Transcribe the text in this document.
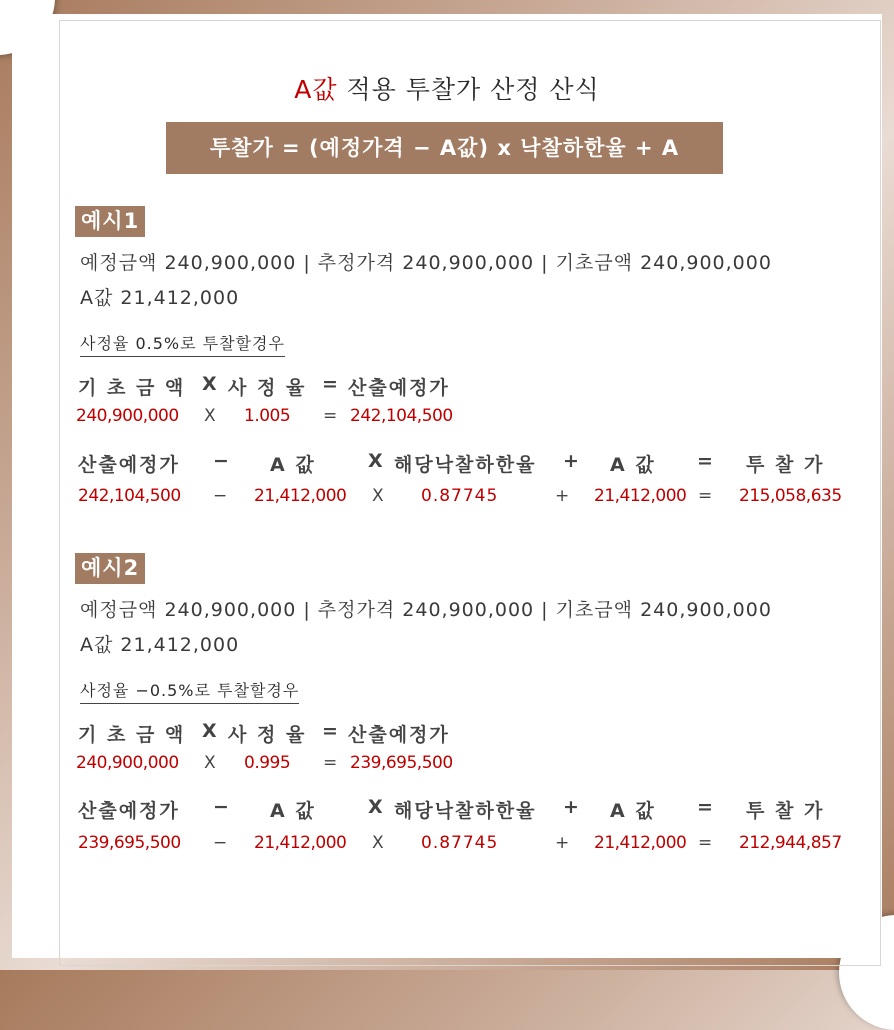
A값 적용 투찰가 산정 산식
투찰가 = (예정가격 − A값) x 낙찰하한율 + A
예시1
예정금액 240,900,000 | 추정가격 240,900,000 | 기초금액 240,900,000
A값 21,412,000
사정율 0.5%로 투찰할경우
기 초 금 액 X 사 정 율 = 산출예정가
240,900,000 X 1.005 = 242,104,500
산출예정가 − A 값	X 해당낙찰하한율 + A 값 = 투 찰 가
242,104,500 − 21,412,000 X 0.87745	+ 21,412,000 = 215,058,635
예시2
예정금액 240,900,000 | 추정가격 240,900,000 | 기초금액 240,900,000
A값 21,412,000
사정율 −0.5%로 투찰할경우
기 초 금 액 X 사 정 율 = 산출예정가
240,900,000 X 0.995 = 239,695,500
산출예정가 − A 값	X 해당낙찰하한율 + A 값 = 투 찰 가
239,695,500 − 21,412,000 X 0.87745	+ 21,412,000 = 212,944,857
